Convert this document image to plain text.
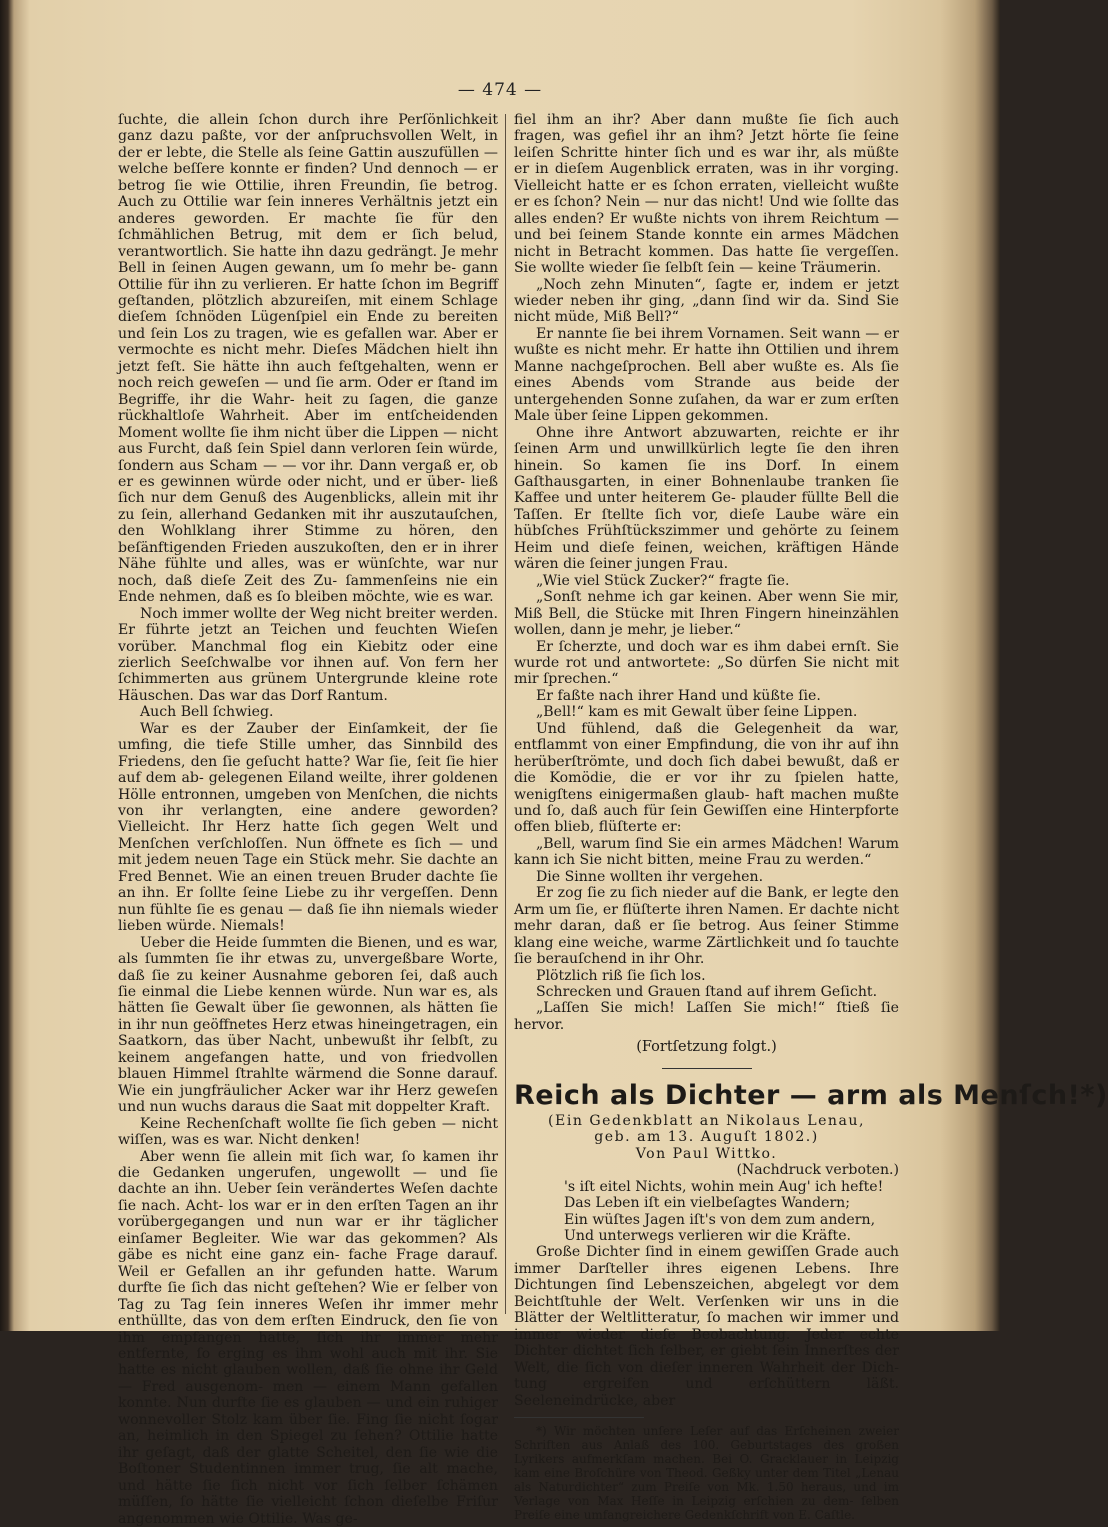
— 474 —

ſuchte, die allein ſchon durch ihre Perſönlichkeit ganz dazu paßte, vor der anſpruchsvollen Welt, in der er lebte, die Stelle als ſeine Gattin auszufüllen — welche beſſere konnte er finden? Und dennoch — er betrog ſie wie Ottilie, ihren Freundin, ſie betrog. Auch zu Ottilie war ſein inneres Verhältnis jetzt ein anderes geworden. Er machte ſie für den ſchmählichen Betrug, mit dem er ſich belud, verantwortlich. Sie hatte ihn dazu gedrängt. Je mehr Bell in ſeinen Augen gewann, um ſo mehr be- gann Ottilie für ihn zu verlieren. Er hatte ſchon im Begriff geſtanden, plötzlich abzureiſen, mit einem Schlage dieſem ſchnöden Lügenſpiel ein Ende zu bereiten und ſein Los zu tragen, wie es gefallen war. Aber er vermochte es nicht mehr. Dieſes Mädchen hielt ihn jetzt feſt. Sie hätte ihn auch feſtgehalten, wenn er noch reich geweſen — und ſie arm. Oder er ſtand im Begriffe, ihr die Wahr- heit zu ſagen, die ganze rückhaltloſe Wahrheit. Aber im entſcheidenden Moment wollte ſie ihm nicht über die Lippen — nicht aus Furcht, daß ſein Spiel dann verloren ſein würde, ſondern aus Scham — — vor ihr. Dann vergaß er, ob er es gewinnen würde oder nicht, und er über- ließ ſich nur dem Genuß des Augenblicks, allein mit ihr zu ſein, allerhand Gedanken mit ihr auszutauſchen, den Wohlklang ihrer Stimme zu hören, den beſänftigenden Frieden auszukoſten, den er in ihrer Nähe fühlte und alles, was er wünſchte, war nur noch, daß dieſe Zeit des Zu- ſammenſeins nie ein Ende nehmen, daß es ſo bleiben möchte, wie es war.

Noch immer wollte der Weg nicht breiter werden. Er führte jetzt an Teichen und feuchten Wieſen vorüber. Manchmal flog ein Kiebitz oder eine zierlich Seeſchwalbe vor ihnen auf. Von fern her ſchimmerten aus grünem Untergrunde kleine rote Häuschen. Das war das Dorf Rantum.

Auch Bell ſchwieg.

War es der Zauber der Einſamkeit, der ſie umfing, die tiefe Stille umher, das Sinnbild des Friedens, den ſie geſucht hatte? War ſie, ſeit ſie hier auf dem ab- gelegenen Eiland weilte, ihrer goldenen Hölle entronnen, umgeben von Menſchen, die nichts von ihr verlangten, eine andere geworden? Vielleicht. Ihr Herz hatte ſich gegen Welt und Menſchen verſchloſſen. Nun öffnete es ſich — und mit jedem neuen Tage ein Stück mehr. Sie dachte an Fred Bennet. Wie an einen treuen Bruder dachte ſie an ihn. Er ſollte ſeine Liebe zu ihr vergeſſen. Denn nun fühlte ſie es genau — daß ſie ihn niemals wieder lieben würde. Niemals!

Ueber die Heide ſummten die Bienen, und es war, als ſummten ſie ihr etwas zu, unvergeßbare Worte, daß ſie zu keiner Ausnahme geboren ſei, daß auch ſie einmal die Liebe kennen würde. Nun war es, als hätten ſie Gewalt über ſie gewonnen, als hätten ſie in ihr nun geöffnetes Herz etwas hineingetragen, ein Saatkorn, das über Nacht, unbewußt ihr ſelbſt, zu keinem angefangen hatte, und von friedvollen blauen Himmel ſtrahlte wärmend die Sonne darauf. Wie ein jungfräulicher Acker war ihr Herz geweſen und nun wuchs daraus die Saat mit doppelter Kraft.

Keine Rechenſchaft wollte ſie ſich geben — nicht wiſſen, was es war. Nicht denken!

Aber wenn ſie allein mit ſich war, ſo kamen ihr die Gedanken ungerufen, ungewollt — und ſie dachte an ihn. Ueber ſein verändertes Weſen dachte ſie nach. Acht- los war er in den erſten Tagen an ihr vorübergegangen und nun war er ihr täglicher einſamer Begleiter. Wie war das gekommen? Als gäbe es nicht eine ganz ein- fache Frage darauf. Weil er Gefallen an ihr gefunden hatte. Warum durfte ſie ſich das nicht geſtehen? Wie er ſelber von Tag zu Tag ſein inneres Weſen ihr immer mehr enthüllte, das von dem erſten Eindruck, den ſie von ihm empfangen hatte, ſich ihr immer mehr entfernte, ſo erging es ihm wohl auch mit ihr. Sie hatte es nicht glauben wollen, daß ſie ohne ihr Geld — Fred ausgenom- men — einem Mann gefallen konnte. Nun durfte ſie es glauben — und ein ruhiger wonnevoller Stolz kam über ſie. Fing ſie nicht ſogar an, heimlich in den Spiegel zu ſehen? Ottilie hatte ihr geſagt, daß der glatte Scheitel, den ſie wie die Boſtoner Studentinnen immer trug, ſie alt mache, und hätte ſie ſich nicht vor ſich ſelber ſchämen müſſen, ſo hätte ſie vielleicht ſchon dieſelbe Friſur angenommen wie Ottilie. Was ge-

fiel ihm an ihr? Aber dann mußte ſie ſich auch fragen, was gefiel ihr an ihm? Jetzt hörte ſie ſeine leiſen Schritte hinter ſich und es war ihr, als müßte er in dieſem Augenblick erraten, was in ihr vorging. Vielleicht hatte er es ſchon erraten, vielleicht wußte er es ſchon? Nein — nur das nicht! Und wie ſollte das alles enden? Er wußte nichts von ihrem Reichtum — und bei ſeinem Stande konnte ein armes Mädchen nicht in Betracht kommen. Das hatte ſie vergeſſen. Sie wollte wieder ſie ſelbſt ſein — keine Träumerin.

„Noch zehn Minuten“, ſagte er, indem er jetzt wieder neben ihr ging, „dann ſind wir da. Sind Sie nicht müde, Miß Bell?“

Er nannte ſie bei ihrem Vornamen. Seit wann — er wußte es nicht mehr. Er hatte ihn Ottilien und ihrem Manne nachgeſprochen. Bell aber wußte es. Als ſie eines Abends vom Strande aus beide der untergehenden Sonne zuſahen, da war er zum erſten Male über ſeine Lippen gekommen.

Ohne ihre Antwort abzuwarten, reichte er ihr ſeinen Arm und unwillkürlich legte ſie den ihren hinein. So kamen ſie ins Dorf. In einem Gaſthausgarten, in einer Bohnenlaube tranken ſie Kaffee und unter heiterem Ge- plauder füllte Bell die Taſſen. Er ſtellte ſich vor, dieſe Laube wäre ein hübſches Frühſtückszimmer und gehörte zu ſeinem Heim und dieſe feinen, weichen, kräftigen Hände wären die ſeiner jungen Frau.

„Wie viel Stück Zucker?“ fragte ſie.

„Sonſt nehme ich gar keinen. Aber wenn Sie mir, Miß Bell, die Stücke mit Ihren Fingern hineinzählen wollen, dann je mehr, je lieber.“

Er ſcherzte, und doch war es ihm dabei ernſt. Sie wurde rot und antwortete: „So dürfen Sie nicht mit mir ſprechen.“

Er faßte nach ihrer Hand und küßte ſie.

„Bell!“ kam es mit Gewalt über ſeine Lippen.

Und fühlend, daß die Gelegenheit da war, entflammt von einer Empfindung, die von ihr auf ihn herüberſtrömte, und doch ſich dabei bewußt, daß er die Komödie, die er vor ihr zu ſpielen hatte, wenigſtens einigermaßen glaub- haft machen mußte und ſo, daß auch für ſein Gewiſſen eine Hinterpforte offen blieb, flüſterte er:

„Bell, warum ſind Sie ein armes Mädchen! Warum kann ich Sie nicht bitten, meine Frau zu werden.“

Die Sinne wollten ihr vergehen.

Er zog ſie zu ſich nieder auf die Bank, er legte den Arm um ſie, er flüſterte ihren Namen. Er dachte nicht mehr daran, daß er ſie betrog. Aus ſeiner Stimme klang eine weiche, warme Zärtlichkeit und ſo tauchte ſie berauſchend in ihr Ohr.

Plötzlich riß ſie ſich los.

Schrecken und Grauen ſtand auf ihrem Geſicht.

„Laſſen Sie mich! Laſſen Sie mich!“ ſtieß ſie hervor.

(Fortſetzung folgt.)

Reich als Dichter — arm als Menſch!*)

(Ein Gedenkblatt an Nikolaus Lenau,

geb. am 13. Auguſt 1802.)

Von Paul Wittko.

(Nachdruck verboten.)

's iſt eitel Nichts, wohin mein Aug' ich hefte!

Das Leben iſt ein vielbeſagtes Wandern;

Ein wüſtes Jagen iſt's von dem zum andern,

Und unterwegs verlieren wir die Kräfte.

Große Dichter ſind in einem gewiſſen Grade auch immer Darſteller ihres eigenen Lebens. Ihre Dichtungen ſind Lebenszeichen, abgelegt vor dem Beichtſtuhle der Welt. Verſenken wir uns in die Blätter der Weltlitteratur, ſo machen wir immer und immer wieder dieſe Beobachtung. Jeder echte Dichter dichtet ſich ſelber, er giebt ſein Innerſtes der Welt, die ſich von dieſer inneren Wahrheit der Dich- tung ergreifen und erſchüttern läßt. Seeleneindrücke, aber

*) Wir möchten unſere Leſer auf das Erſcheinen zweier Schriften aus Anlaß des 100. Geburtstages des großen Lyrikers aufmerkſam machen. Bei O. Gracklauer in Leipzig kam eine Broſchüre von Theod. Geßky unter dem Titel „Lenau als Naturdichter“ zum Preiſe von Mk. 1.50 heraus, und im Verlage von Max Heſſe in Leipzig erſchien zu dem- ſelben Preiſe eine umfangreichere Gedenkſchrift von E. Caſtle.
